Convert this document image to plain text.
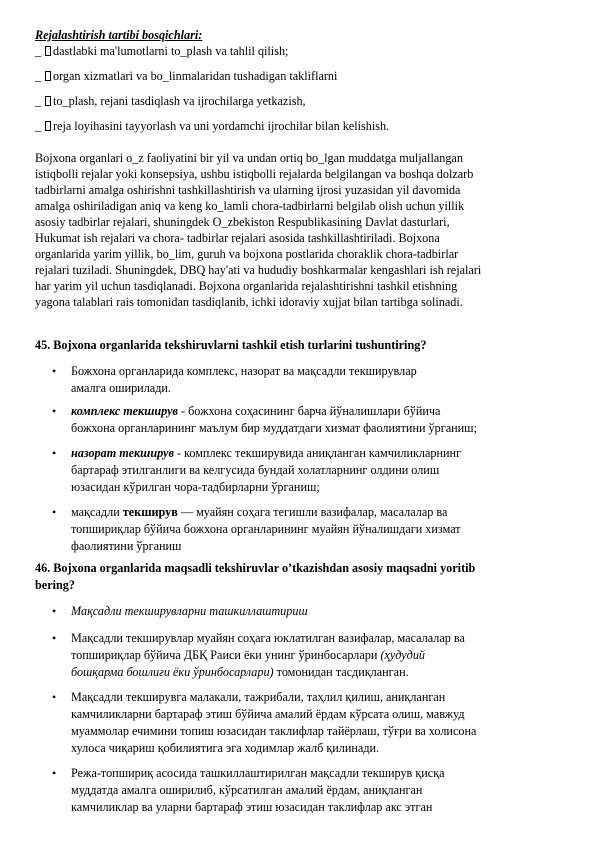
Rejalashtirish tartibi bosqichlari:
_ dastlabki ma'lumotlarni to_plash va tahlil qilish;
_ organ xizmatlari va bo_linmalaridan tushadigan takliflarni
_ to_plash, rejani tasdiqlash va ijrochilarga yetkazish,
_ reja loyihasini tayyorlash va uni yordamchi ijrochilar bilan kelishish.
Bojxona organlari o_z faoliyatini bir yil va undan ortiq bo_lgan muddatga muljallangan
istiqbolli rejalar yoki konsepsiya, ushbu istiqbolli rejalarda belgilangan va boshqa dolzarb
tadbirlarni amalga oshirishni tashkillashtirish va ularning ijrosi yuzasidan yil davomida
amalga oshiriladigan aniq va keng ko_lamli chora-tadbirlarni belgilab olish uchun yillik
asosiy tadbirlar rejalari, shuningdek O_zbekiston Respublikasining Davlat dasturlari,
Hukumat ish rejalari va chora- tadbirlar rejalari asosida tashkillashtiriladi. Bojxona
organlarida yarim yillik, bo_lim, guruh va bojxona postlarida choraklik chora-tadbirlar
rejalari tuziladi. Shuningdek, DBQ hay'ati va hududiy boshkarmalar kengashlari ish rejalari
har yarim yil uchun tasdiqlanadi. Bojxona organlarida rejalashtirishni tashkil etishning
yagona talablari rais tomonidan tasdiqlanib, ichki idoraviy xujjat bilan tartibga solinadi.
45. Bojxona organlarida tekshiruvlarni tashkil etish turlarini tushuntiring?
• Божхона органларида комплекс, назорат ва мақсадли текширувлар
амалга оширилади.
• комплекс текширув - божхона соҳасининг барча йўналишлари бўйича
божхона органларининг маълум бир муддатдаги хизмат фаолиятини ўрганиш;
• назорат текширув - комплекс текширувида аниқланган камчиликларнинг
бартараф этилганлиги ва келгусида бундай холатларнинг олдини олиш
юзасидан кўрилган чора-тадбирларни ўрганиш;
• мақсадли текширув — муайян соҳага тегишли вазифалар, масалалар ва
топшириқлар бўйича божхона органларининг муайян йўналишдаги хизмат
фаолиятини ўрганиш
46. Bojxona organlarida maqsadli tekshiruvlar o’tkazishdan asosiy maqsadni yoritib
bering?
• Мақсадли текширувларни ташкиллаштириш
• Мақсадли текширувлар муайян соҳага юклатилган вазифалар, масалалар ва
топшириқлар бўйича ДБҚ Раиси ёки унинг ўринбосарлари (ҳудудий
бошқарма бошлиғи ёки ўринбосарлари) томонидан тасдиқланган.
• Мақсадли текширувга малакали, тажрибали, таҳлил қилиш, аниқланган
камчиликларни бартараф этиш бўйича амалий ёрдам кўрсата олиш, мавжуд
муаммолар ечимини топиш юзасидан таклифлар тайёрлаш, тўғри ва холисона
хулоса чиқариш қобилиятига эга ходимлар жалб қилинади.
• Режа-топшириқ асосида ташкиллаштирилган мақсадли текширув қисқа
муддатда амалга оширилиб, кўрсатилган амалий ёрдам, аниқланган
камчиликлар ва уларни бартараф этиш юзасидан таклифлар акс этган
